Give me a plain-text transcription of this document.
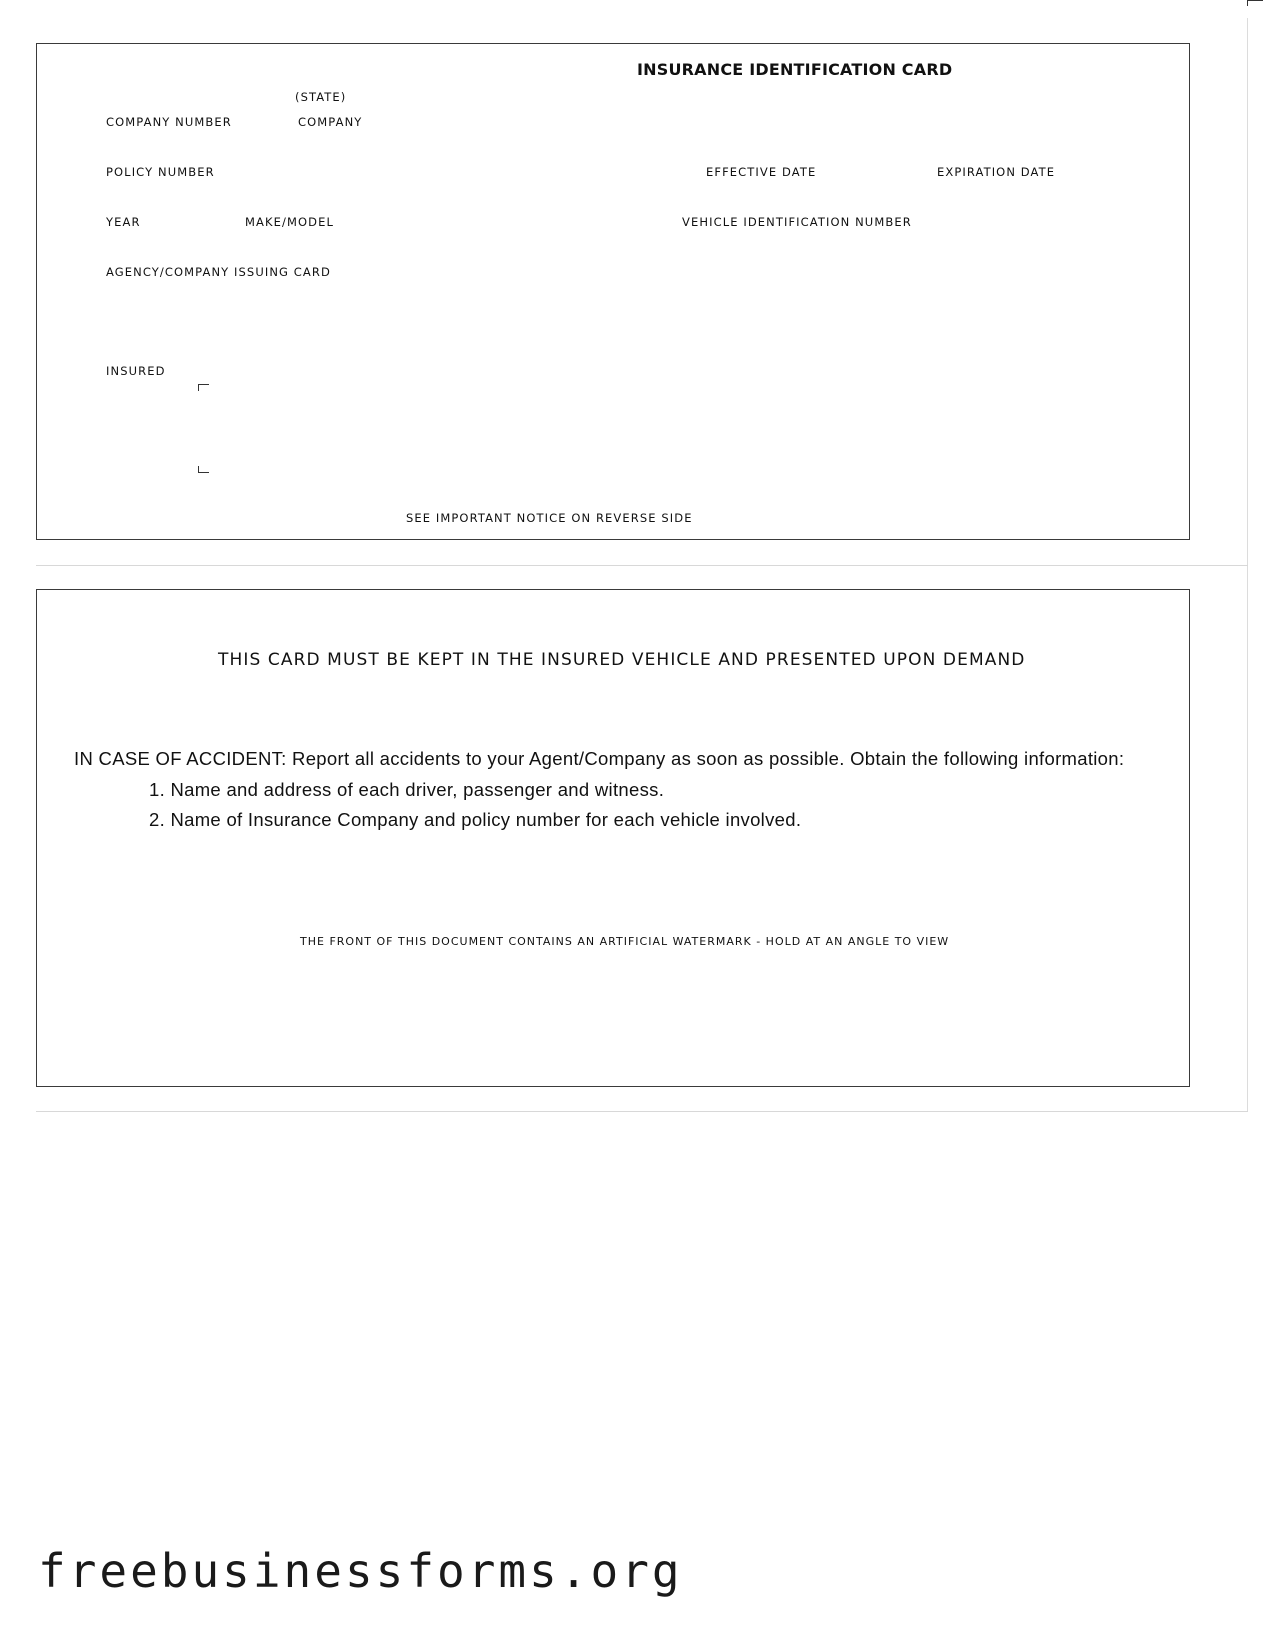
INSURANCE IDENTIFICATION CARD
(STATE)
COMPANY NUMBER	COMPANY
POLICY NUMBER	EFFECTIVE DATE	EXPIRATION DATE
YEAR	MAKE/MODEL	VEHICLE IDENTIFICATION NUMBER
AGENCY/COMPANY ISSUING CARD
INSURED
SEE IMPORTANT NOTICE ON REVERSE SIDE
THIS CARD MUST BE KEPT IN THE INSURED VEHICLE AND PRESENTED UPON DEMAND
IN CASE OF ACCIDENT: Report all accidents to your Agent/Company as soon as possible. Obtain the following information:
1. Name and address of each driver, passenger and witness.
2. Name of Insurance Company and policy number for each vehicle involved.
THE FRONT OF THIS DOCUMENT CONTAINS AN ARTIFICIAL WATERMARK - HOLD AT AN ANGLE TO VIEW
freebusinessforms.org
